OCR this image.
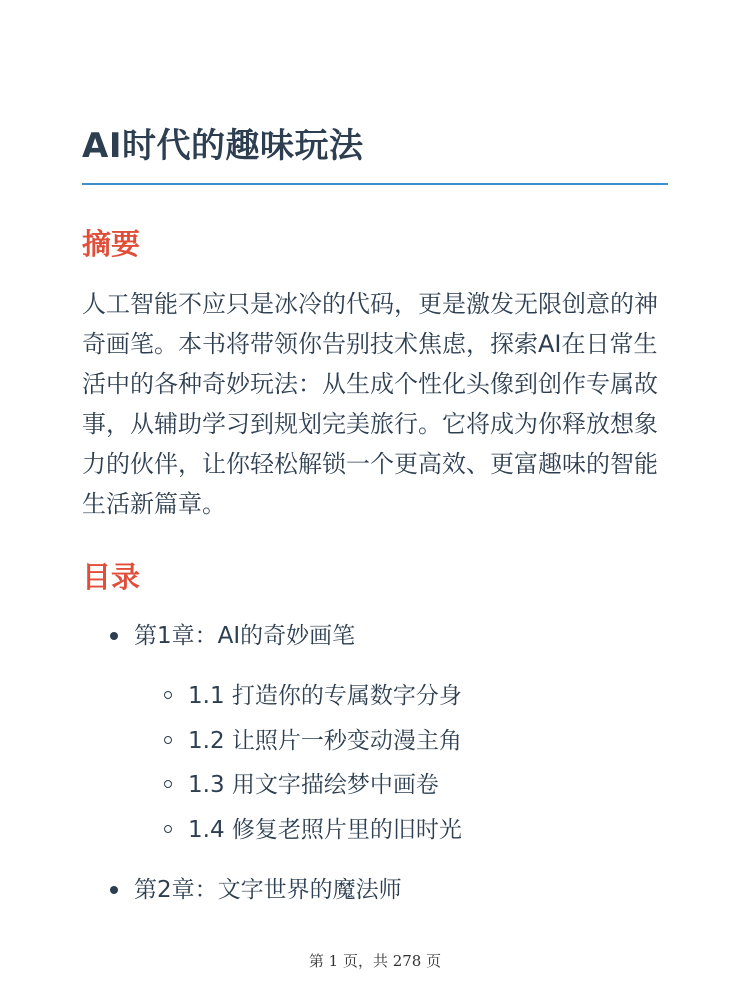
AI时代的趣味玩法
摘要

人工智能不应只是冰冷的代码，更是激发无限创意的神奇画笔。本书将带领你告别技术焦虑，探索AI在日常生活中的各种奇妙玩法：从生成个性化头像到创作专属故事，从辅助学习到规划完美旅行。它将成为你释放想象力的伙伴，让你轻松解锁一个更高效、更富趣味的智能生活新篇章。

目录
第1章：AI的奇妙画笔
1.1 打造你的专属数字分身
1.2 让照片一秒变动漫主角
1.3 用文字描绘梦中画卷
1.4 修复老照片里的旧时光
第2章：文字世界的魔法师
第 1 页，共 278 页
